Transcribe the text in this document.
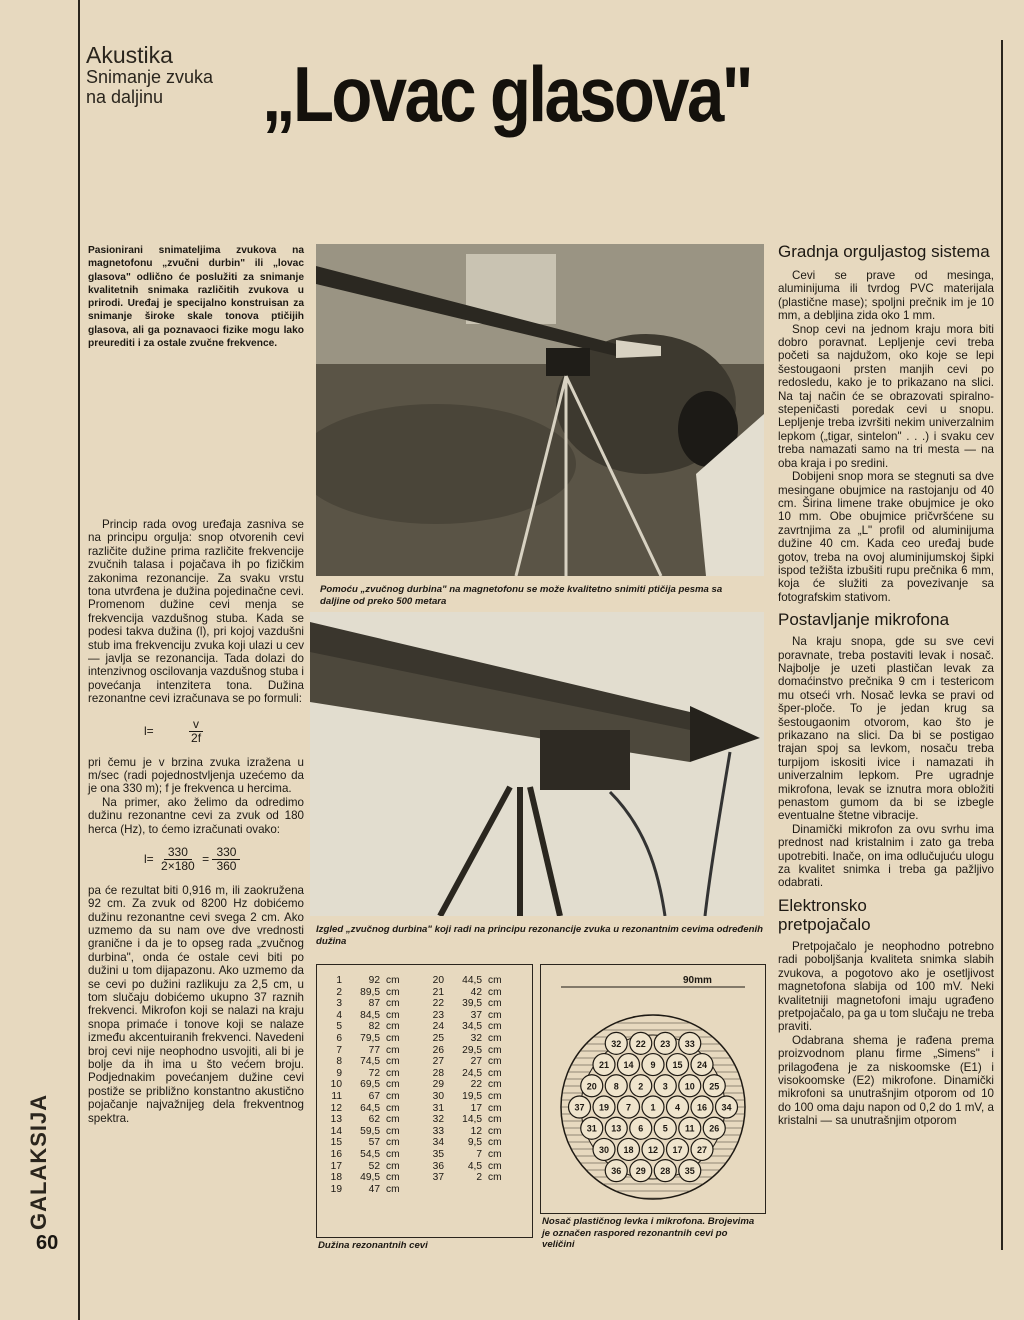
Akustika
Snimanje zvuka
na daljinu	„Lovac glasova"
Pasionirani snimateljima zvukova na magnetofonu „zvučni durbin" ili „lovac glasova" odlično će poslužiti za snimanje kvalitetnih snimaka različitih zvukova u prirodi. Uređaj je specijalno konstruisan za snimanje široke skale tonova ptičijih glasova, ali ga poznavaoci fizike mogu lako preurediti i za ostale zvučne frekvence.

Princip rada ovog uređaja zasniva se na principu orgulja: snop otvorenih cevi različite dužine prima različite frekvencije zvučnih talasa i pojačava ih po fizičkim zakonima rezonancije. Za svaku vrstu tona utvrđena je dužina pojedinačne cevi. Promenom dužine cevi menja se frekvencija vazdušnog stuba. Kada se podesi takva dužina (l), pri kojoj vazdušni stub ima frekvenciju zvuka koji ulazi u cev — javlja se rezonancija. Tada dolazi do intenzivnog oscilovanja vazdušnog stuba i povećanja intenzitета tona. Dužina rezonantne cevi izračunava se po formuli:

l=	$\frac{v}{2f}$

pri čemu je v brzina zvuka izražena u m/sec (radi pojednostvljenja uzećemo da je ona 330 m); f je frekvenca u hercima.

Na primer, ako želimo da odredimo dužinu rezonantne cevi za zvuk od 180 herca (Hz), to ćemo izračunati ovako:

$l= \frac{330}{2\times 180} = \frac{330}{360}$

pa će rezultat biti 0,916 m, ili zaokružena 92 cm. Za zvuk od 8200 Hz dobićemo dužinu rezonantne cevi svega 2 cm. Ako uzmemo da su nam ove dve vrednosti granične i da je to opseg rada „zvučnog durbina", onda će ostale cevi biti po dužini u tom dijapazonu. Ako uzmemo da se cevi po dužini razlikuju za 2,5 cm, u tom slučaju dobićemo ukupno 37 raznih frekvenci. Mikrofon koji se nalazi na kraju snopa primaće i tonove koji se nalaze između akcentuiranih frekvenci. Navedeni broj cevi nije neophodno usvojiti, ali bi je bolje da ih ima u što većem broju. Podjednakim povećanjem dužine cevi postiže se približno konstantno akustično pojačanje najvažnijeg dela frekventnog spektra.

Pomoću „zvučnog durbina" na magnetofonu se može kvalitetno snimiti ptičija pesma sa daljine od preko 500 metara
Izgled „zvučnog durbina" koji radi na principu rezonancije zvuka u rezonantnim cevima određenih dužina
1	92	cm
2	89,5	cm
3	87	cm
4	84,5	cm
5	82	cm
6	79,5	cm
7	77	cm
8	74,5	cm
9	72	cm
10	69,5	cm
11	67	cm
12	64,5	cm
13	62	cm
14	59,5	cm
15	57	cm
16	54,5	cm
17	52	cm
18	49,5	cm
19	47	cm
20	44,5	cm
21	42	cm
22	39,5	cm
23	37	cm
24	34,5	cm
25	32	cm
26	29,5	cm
27	27	cm
28	24,5	cm
29	22	cm
30	19,5	cm
31	17	cm
32	14,5	cm
33	12	cm
34	9,5	cm
35	7	cm
36	4,5	cm
37	2	cm
Dužina rezonantnih cevi
90mm
1
2 3
4
5
6
7
8
9
10
11
12
13
14	15
16
17
18
19
20
21
22 23
24
25
26
27
28
29
30
31
32	33
34
35
36
37
Nosač plastičnog levka i mikrofona. Brojevima je označen raspored rezonantnih cevi po veličini
Gradnja orguljastog sistema

Cevi se prave od mesinga, aluminijuma ili tvrdog PVC materijala (plastične mase); spoljni prečnik im je 10 mm, a debljina zida oko 1 mm.

Snop cevi na jednom kraju mora biti dobro poravnat. Lepljenje cevi treba početi sa najdužom, oko koje se lepi šestougaoni prsten manjih cevi po redosledu, kako je to prikazano na slici. Na taj način će se obrazovati spiralno-stepeničasti poredak cevi u snopu. Lepljenje treba izvršiti nekim univerzalnim lepkom („tigar, sintelon" . . .) i svaku cev treba namazati samo na tri mesta — na oba kraja i po sredini.

Dobijeni snop mora se stegnuti sa dve mesingane obujmice na rastojanju od 40 cm. Širina limene trake obujmice je oko 10 mm. Obe obujmice pričvršćene su zavrtnjima za „L" profil od aluminijuma dužine 40 cm. Kada ceo uređaj bude gotov, treba na ovoj aluminijumskoj šipki ispod težišta izbušiti rupu prečnika 6 mm, koja će služiti za povezivanje sa fotografskim stativom.

Postavljanje mikrofona

Na kraju snopa, gde su sve cevi poravnate, treba postaviti levak i nosač. Najbolje je uzeti plastičan levak za domaćinstvo prečnika 9 cm i testericom mu otseći vrh. Nosač levka se pravi od šper-ploče. To je jedan krug sa šestougaonim otvorom, kao što je prikazano na slici. Da bi se postigao trajan spoj sa levkom, nosaču treba turpijom iskositi ivice i namazati ih univerzalnim lepkom. Pre ugradnje mikrofona, levak se iznutra mora obložiti penastom gumom da bi se izbegle eventualne štetne vibracije.

Dinamički mikrofon za ovu svrhu ima prednost nad kristalnim i zato ga treba upotrebiti. Inače, on ima odlučujuću ulogu za kvalitet snimka i treba ga pažljivo odabrati.

Elektronsko pretpojačalo

Pretpojačalo je neophodno potrebno radi poboljšanja kvaliteta snimka slabih zvukova, a pogotovo ako je osetljivost magnetofona slabija od 100 mV. Neki kvalitetniji magnetofoni imaju ugrađeno pretpojačalo, pa ga u tom slučaju ne treba praviti.

Odabrana shema je rađena prema proizvodnom planu firme „Simens" i prilagođena je za niskoomske (E1) i visokoomske (E2) mikrofone. Dinamički mikrofoni sa unutrašnjim otporom od 10 do 100 oma daju napon od 0,2 do 1 mV, a kristalni — sa unutrašnjim otporom

GALAKSIJA
60
